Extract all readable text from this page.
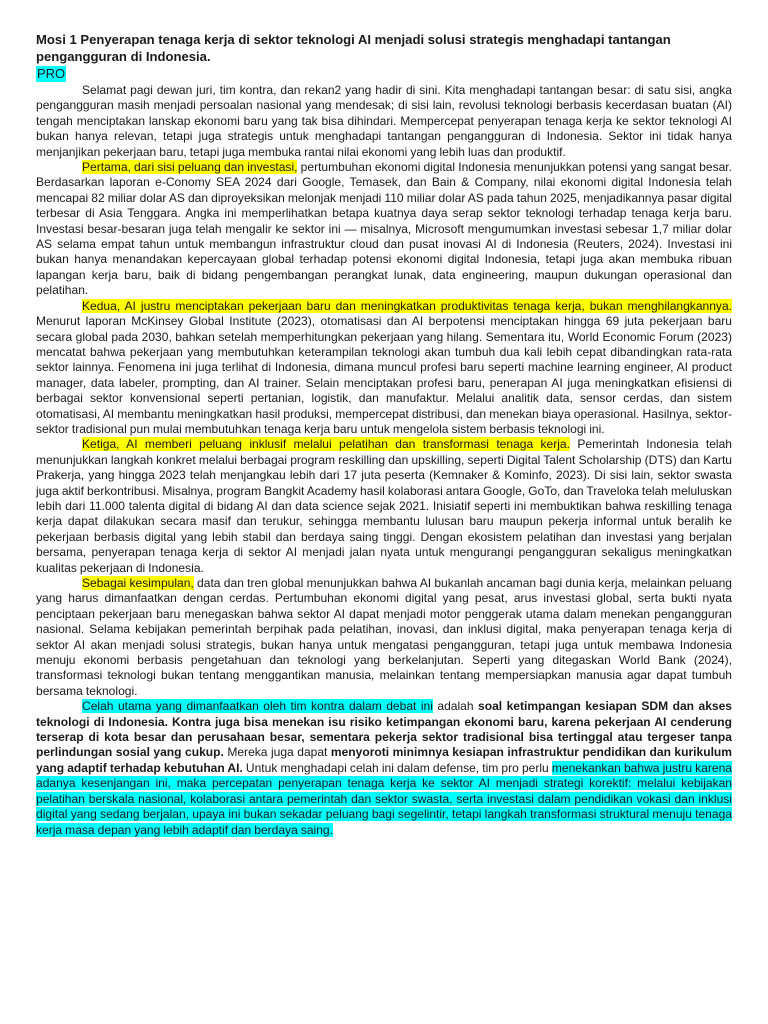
Mosi 1 Penyerapan tenaga kerja di sektor teknologi AI menjadi solusi strategis menghadapi tantangan pengangguran di Indonesia.

PRO

Selamat pagi dewan juri, tim kontra, dan rekan2 yang hadir di sini. Kita menghadapi tantangan besar: di satu sisi, angka pengangguran masih menjadi persoalan nasional yang mendesak; di sisi lain, revolusi teknologi berbasis kecerdasan buatan (AI) tengah menciptakan lanskap ekonomi baru yang tak bisa dihindari. Mempercepat penyerapan tenaga kerja ke sektor teknologi AI bukan hanya relevan, tetapi juga strategis untuk menghadapi tantangan pengangguran di Indonesia. Sektor ini tidak hanya menjanjikan pekerjaan baru, tetapi juga membuka rantai nilai ekonomi yang lebih luas dan produktif.

Pertama, dari sisi peluang dan investasi, pertumbuhan ekonomi digital Indonesia menunjukkan potensi yang sangat besar. Berdasarkan laporan e-Conomy SEA 2024 dari Google, Temasek, dan Bain & Company, nilai ekonomi digital Indonesia telah mencapai 82 miliar dolar AS dan diproyeksikan melonjak menjadi 110 miliar dolar AS pada tahun 2025, menjadikannya pasar digital terbesar di Asia Tenggara. Angka ini memperlihatkan betapa kuatnya daya serap sektor teknologi terhadap tenaga kerja baru. Investasi besar-besaran juga telah mengalir ke sektor ini — misalnya, Microsoft mengumumkan investasi sebesar 1,7 miliar dolar AS selama empat tahun untuk membangun infrastruktur cloud dan pusat inovasi AI di Indonesia (Reuters, 2024). Investasi ini bukan hanya menandakan kepercayaan global terhadap potensi ekonomi digital Indonesia, tetapi juga akan membuka ribuan lapangan kerja baru, baik di bidang pengembangan perangkat lunak, data engineering, maupun dukungan operasional dan pelatihan.

Kedua, AI justru menciptakan pekerjaan baru dan meningkatkan produktivitas tenaga kerja, bukan menghilangkannya. Menurut laporan McKinsey Global Institute (2023), otomatisasi dan AI berpotensi menciptakan hingga 69 juta pekerjaan baru secara global pada 2030, bahkan setelah memperhitungkan pekerjaan yang hilang. Sementara itu, World Economic Forum (2023) mencatat bahwa pekerjaan yang membutuhkan keterampilan teknologi akan tumbuh dua kali lebih cepat dibandingkan rata-rata sektor lainnya. Fenomena ini juga terlihat di Indonesia, dimana muncul profesi baru seperti machine learning engineer, AI product manager, data labeler, prompting, dan AI trainer. Selain menciptakan profesi baru, penerapan AI juga meningkatkan efisiensi di berbagai sektor konvensional seperti pertanian, logistik, dan manufaktur. Melalui analitik data, sensor cerdas, dan sistem otomatisasi, AI membantu meningkatkan hasil produksi, mempercepat distribusi, dan menekan biaya operasional. Hasilnya, sektor-sektor tradisional pun mulai membutuhkan tenaga kerja baru untuk mengelola sistem berbasis teknologi ini.

Ketiga, AI memberi peluang inklusif melalui pelatihan dan transformasi tenaga kerja. Pemerintah Indonesia telah menunjukkan langkah konkret melalui berbagai program reskilling dan upskilling, seperti Digital Talent Scholarship (DTS) dan Kartu Prakerja, yang hingga 2023 telah menjangkau lebih dari 17 juta peserta (Kemnaker & Kominfo, 2023). Di sisi lain, sektor swasta juga aktif berkontribusi. Misalnya, program Bangkit Academy hasil kolaborasi antara Google, GoTo, dan Traveloka telah meluluskan lebih dari 11.000 talenta digital di bidang AI dan data science sejak 2021. Inisiatif seperti ini membuktikan bahwa reskilling tenaga kerja dapat dilakukan secara masif dan terukur, sehingga membantu lulusan baru maupun pekerja informal untuk beralih ke pekerjaan berbasis digital yang lebih stabil dan berdaya saing tinggi. Dengan ekosistem pelatihan dan investasi yang berjalan bersama, penyerapan tenaga kerja di sektor AI menjadi jalan nyata untuk mengurangi pengangguran sekaligus meningkatkan kualitas pekerjaan di Indonesia.

Sebagai kesimpulan, data dan tren global menunjukkan bahwa AI bukanlah ancaman bagi dunia kerja, melainkan peluang yang harus dimanfaatkan dengan cerdas. Pertumbuhan ekonomi digital yang pesat, arus investasi global, serta bukti nyata penciptaan pekerjaan baru menegaskan bahwa sektor AI dapat menjadi motor penggerak utama dalam menekan pengangguran nasional. Selama kebijakan pemerintah berpihak pada pelatihan, inovasi, dan inklusi digital, maka penyerapan tenaga kerja di sektor AI akan menjadi solusi strategis, bukan hanya untuk mengatasi pengangguran, tetapi juga untuk membawa Indonesia menuju ekonomi berbasis pengetahuan dan teknologi yang berkelanjutan. Seperti yang ditegaskan World Bank (2024), transformasi teknologi bukan tentang menggantikan manusia, melainkan tentang mempersiapkan manusia agar dapat tumbuh bersama teknologi.

Celah utama yang dimanfaatkan oleh tim kontra dalam debat ini adalah soal ketimpangan kesiapan SDM dan akses teknologi di Indonesia. Kontra juga bisa menekan isu risiko ketimpangan ekonomi baru, karena pekerjaan AI cenderung terserap di kota besar dan perusahaan besar, sementara pekerja sektor tradisional bisa tertinggal atau tergeser tanpa perlindungan sosial yang cukup. Mereka juga dapat menyoroti minimnya kesiapan infrastruktur pendidikan dan kurikulum yang adaptif terhadap kebutuhan AI. Untuk menghadapi celah ini dalam defense, tim pro perlu menekankan bahwa justru karena adanya kesenjangan ini, maka percepatan penyerapan tenaga kerja ke sektor AI menjadi strategi korektif: melalui kebijakan pelatihan berskala nasional, kolaborasi antara pemerintah dan sektor swasta, serta investasi dalam pendidikan vokasi dan inklusi digital yang sedang berjalan, upaya ini bukan sekadar peluang bagi segelintir, tetapi langkah transformasi struktural menuju tenaga kerja masa depan yang lebih adaptif dan berdaya saing.
